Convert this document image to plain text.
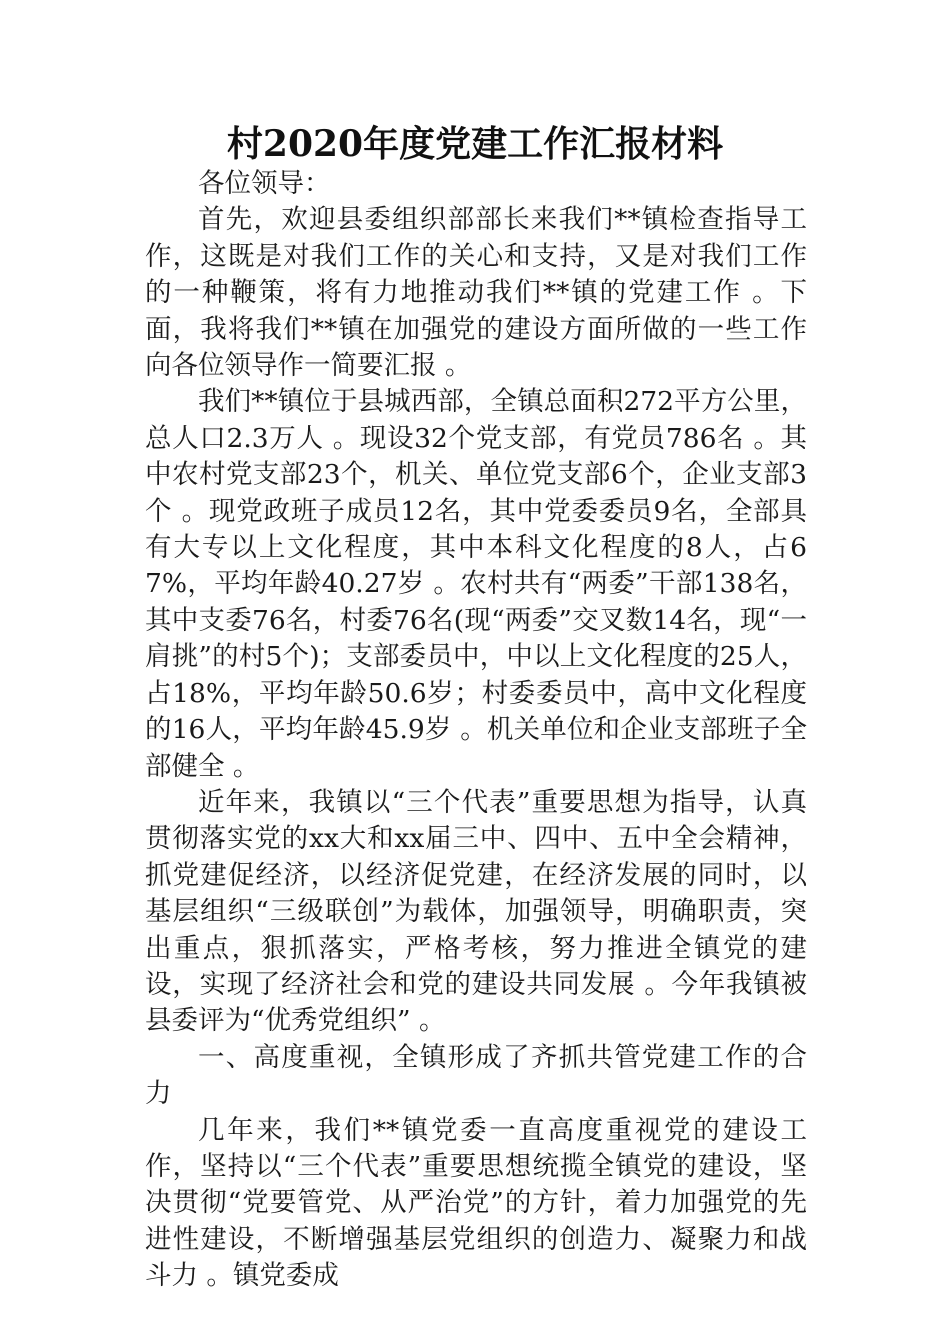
村2020年度党建工作汇报材料

各位领导：

首先，欢迎县委组织部部长来我们**镇检查指导工作，这既是对我们工作的关心和支持，又是对我们工作的一种鞭策，将有力地推动我们**镇的党建工作 。下面，我将我们**镇在加强党的建设方面所做的一些工作向各位领导作一简要汇报 。

我们**镇位于县城西部，全镇总面积272平方公里，总人口2.3万人 。现设32个党支部，有党员786名 。其中农村党支部23个，机关、单位党支部6个，企业支部3个 。现党政班子成员12名，其中党委委员9名，全部具有大专以上文化程度，其中本科文化程度的8人，占67%，平均年龄40.27岁 。农村共有“两委”干部138名，其中支委76名，村委76名(现“两委”交叉数14名，现“一肩挑”的村5个)；支部委员中，中以上文化程度的25人，占18%，平均年龄50.6岁；村委委员中，高中文化程度的16人，平均年龄45.9岁 。机关单位和企业支部班子全部健全 。

近年来，我镇以“三个代表”重要思想为指导，认真贯彻落实党的xx大和xx届三中、四中、五中全会精神，抓党建促经济，以经济促党建，在经济发展的同时，以基层组织“三级联创”为载体，加强领导，明确职责，突出重点，狠抓落实，严格考核，努力推进全镇党的建设，实现了经济社会和党的建设共同发展 。今年我镇被县委评为“优秀党组织” 。

一、高度重视，全镇形成了齐抓共管党建工作的合力

几年来，我们**镇党委一直高度重视党的建设工作，坚持以“三个代表”重要思想统揽全镇党的建设，坚决贯彻“党要管党、从严治党”的方针，着力加强党的先进性建设，不断增强基层党组织的创造力、凝聚力和战斗力 。镇党委成
